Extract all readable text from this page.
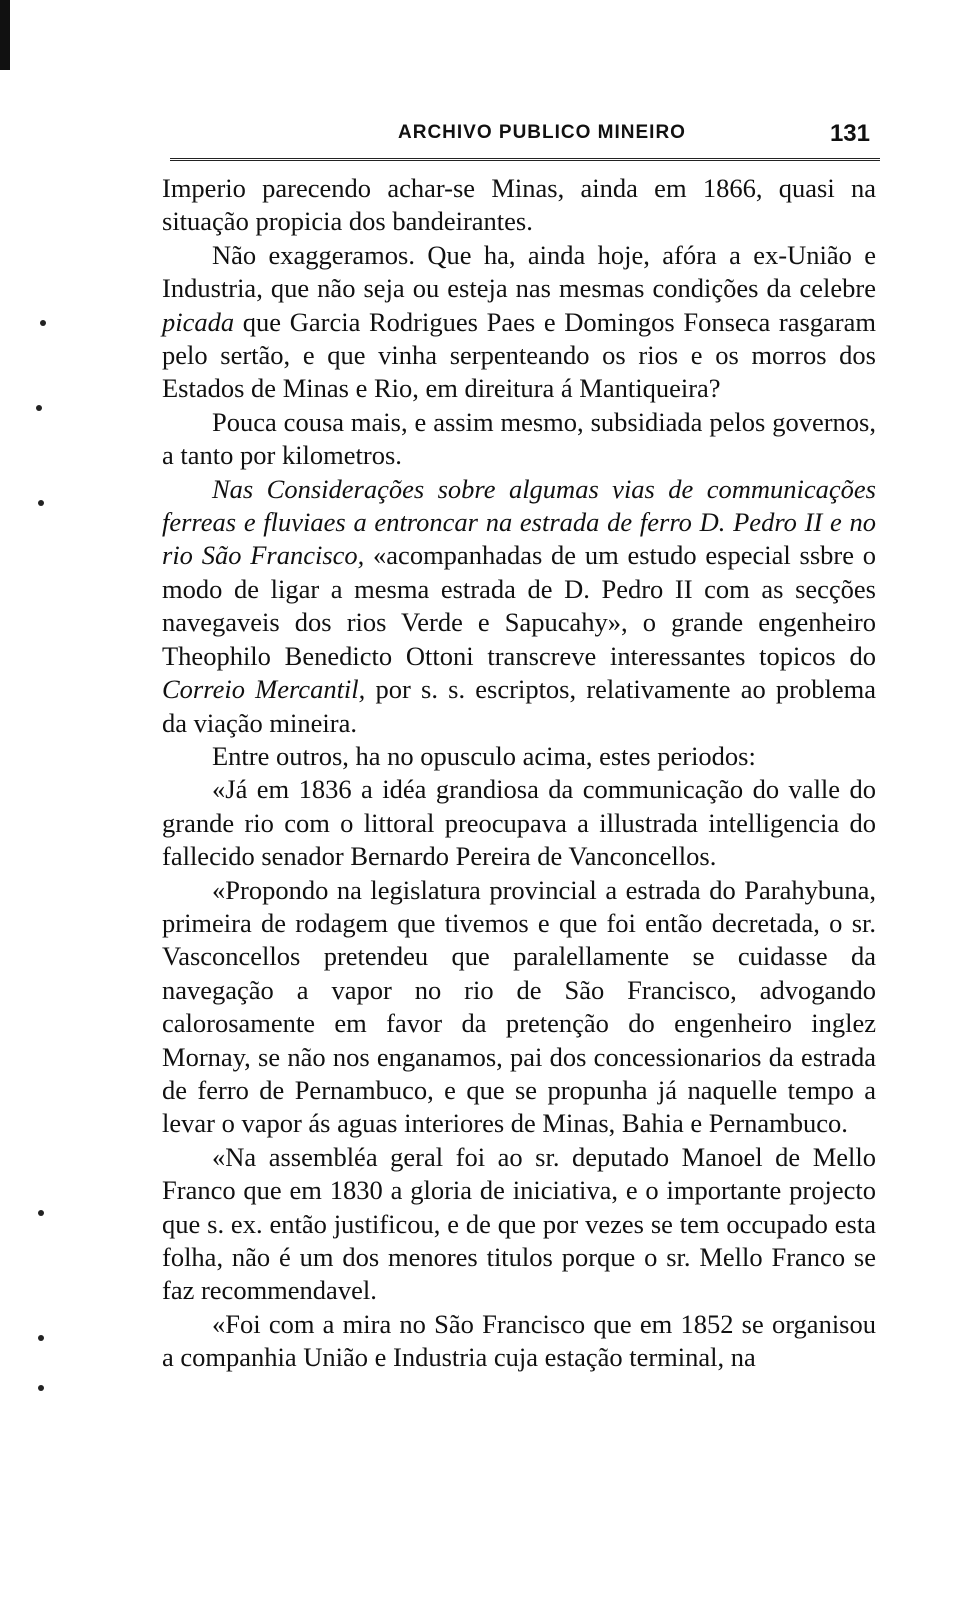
ARCHIVO PUBLICO MINEIRO	131

Imperio parecendo achar-se Minas, ainda em 1866, quasi na situação propicia dos bandeirantes.

Não exaggeramos. Que ha, ainda hoje, afóra a ex-União e Industria, que não seja ou esteja nas mesmas condições da celebre picada que Garcia Rodrigues Paes e Domingos Fonseca rasgaram pelo sertão, e que vinha serpenteando os rios e os morros dos Estados de Minas e Rio, em direitura á Mantiqueira?

Pouca cousa mais, e assim mesmo, subsidiada pelos governos, a tanto por kilometros.

Nas Considerações sobre algumas vias de communicações ferreas e fluviaes a entroncar na estrada de ferro D. Pedro II e no rio São Francisco, «acompanhadas de um estudo especial ssbre o modo de ligar a mesma estrada de D. Pedro II com as secções navegaveis dos rios Verde e Sapucahy», o grande engenheiro Theophilo Benedicto Ottoni transcreve interessantes topicos do Correio Mercantil, por s. s. escriptos, relativamente ao problema da viação mineira.

Entre outros, ha no opusculo acima, estes periodos:

«Já em 1836 a idéa grandiosa da communicação do valle do grande rio com o littoral preocupava a illustrada intelligencia do fallecido senador Bernardo Pereira de Vanconcellos.

«Propondo na legislatura provincial a estrada do Parahybuna, primeira de rodagem que tivemos e que foi então decretada, o sr. Vasconcellos pretendeu que paralellamente se cuidasse da navegação a vapor no rio de São Francisco, advogando calorosamente em favor da pretenção do engenheiro inglez Mornay, se não nos enganamos, pai dos concessionarios da estrada de ferro de Pernambuco, e que se propunha já naquelle tempo a levar o vapor ás aguas interiores de Minas, Bahia e Pernambuco.

«Na assembléa geral foi ao sr. deputado Manoel de Mello Franco que em 1830 a gloria de iniciativa, e o importante projecto que s. ex. então justificou, e de que por vezes se tem occupado esta folha, não é um dos menores titulos porque o sr. Mello Franco se faz recommendavel.

«Foi com a mira no São Francisco que em 1852 se organisou a companhia União e Industria cuja estação terminal, na
